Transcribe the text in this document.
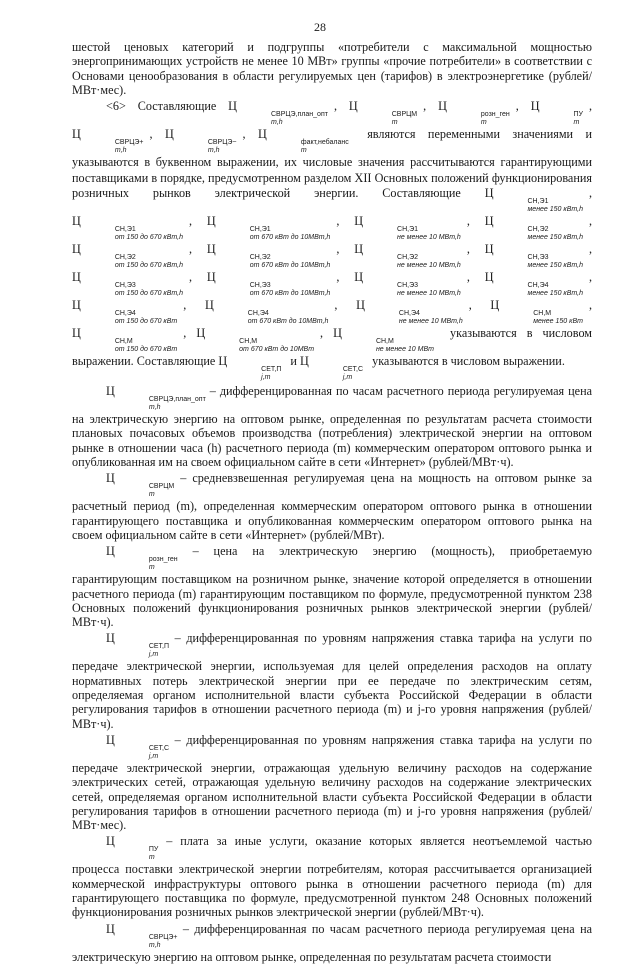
28

шестой ценовых категорий и подгруппы «потребители с максимальной мощностью энергопринимающих устройств не менее 10 МВт» группы «прочие потребители» в соответствии с Основами ценообразования в области регулируемых цен (тарифов) в электроэнергетике (рублей/МВт·мес).

<6> Составляющие Ц
СВРЦЭ,план_опт
m,h
, Ц
СВРЦМ
m
, Ц
розн_ген
m
, Ц
ПУ
m
, Ц
СВРЦЭ+
m,h
, Ц
СВРЦЭ−
m,h
, Ц
факт,небаланс
m
являются переменными значениями и указываются в буквенном выражении, их числовые значения рассчитываются гарантирующими поставщиками в порядке, предусмотренном разделом XII Основных положений функционирования розничных рынков электрической энергии. Составляющие Ц
СН,Э1
менее 150 кВт,h
, Ц
СН,Э1
от 150 до 670 кВт,h
, Ц
СН,Э1
от 670 кВт до 10МВт,h
, Ц
СН,Э1
не менее 10 МВт,h
, Ц
СН,Э2
менее 150 кВт,h
, Ц
СН,Э2
от 150 до 670 кВт,h
, Ц
СН,Э2
от 670 кВт до 10МВт,h
, Ц
СН,Э2
не менее 10 МВт,h
, Ц
СН,Э3
менее 150 кВт,h
, Ц
СН,Э3
от 150 до 670 кВт,h
, Ц
СН,Э3
от 670 кВт до 10МВт,h
, Ц
СН,Э3
не менее 10 МВт,h
, Ц
СН,Э4
менее 150 кВт,h
, Ц
СН,Э4
от 150 до 670 кВт
, Ц
СН,Э4
от 670 кВт до 10МВт,h
, Ц
СН,Э4
не менее 10 МВт,h
, Ц
СН,М
менее 150 кВт
, Ц
СН,М
от 150 до 670 кВт
, Ц
СН,М
от 670 кВт до 10МВт
, Ц
СН,М
не менее 10 МВт
указываются в числовом выражении. Составляющие Ц
СЕТ,П
j,m
и Ц
СЕТ,С
j,m
указываются в числовом выражении.

Ц
СВРЦЭ,план_опт
m,h
– дифференцированная по часам расчетного периода регулируемая цена на электрическую энергию на оптовом рынке, определенная по результатам расчета стоимости плановых почасовых объемов производства (потребления) электрической энергии на оптовом рынке в отношении часа (h) расчетного периода (m) коммерческим оператором оптового рынка и опубликованная им на своем официальном сайте в сети «Интернет» (рублей/МВт·ч).

Ц
СВРЦМ
m
– средневзвешенная регулируемая цена на мощность на оптовом рынке за расчетный период (m), определенная коммерческим оператором оптового рынка в отношении гарантирующего поставщика и опубликованная коммерческим оператором оптового рынка на своем официальном сайте в сети «Интернет» (рублей/МВт).

Ц
розн_ген
m
– цена на электрическую энергию (мощность), приобретаемую гарантирующим поставщиком на розничном рынке, значение которой определяется в отношении расчетного периода (m) гарантирующим поставщиком по формуле, предусмотренной пунктом 238 Основных положений функционирования розничных рынков электрической энергии (рублей/МВт·ч).

Ц
СЕТ,П
j,m
– дифференцированная по уровням напряжения ставка тарифа на услуги по передаче электрической энергии, используемая для целей определения расходов на оплату нормативных потерь электрической энергии при ее передаче по электрическим сетям, определяемая органом исполнительной власти субъекта Российской Федерации в области регулирования тарифов в отношении расчетного периода (m) и j-го уровня напряжения (рублей/МВт·ч).

Ц
СЕТ,С
j,m
– дифференцированная по уровням напряжения ставка тарифа на услуги по передаче электрической энергии, отражающая удельную величину расходов на содержание электрических сетей, отражающая удельную величину расходов на содержание электрических сетей, определяемая органом исполнительной власти субъекта Российской Федерации в области регулирования тарифов в отношении расчетного периода (m) и j-го уровня напряжения (рублей/МВт·мес).

Ц
ПУ
m
– плата за иные услуги, оказание которых является неотъемлемой частью процесса поставки электрической энергии потребителям, которая рассчитывается организацией коммерческой инфраструктуры оптового рынка в отношении расчетного периода (m) для гарантирующего поставщика по формуле, предусмотренной пунктом 248 Основных положений функционирования розничных рынков электрической энергии (рублей/МВт·ч).

Ц
СВРЦЭ+
m,h
– дифференцированная по часам расчетного периода регулируемая цена на электрическую энергию на оптовом рынке, определенная по результатам расчета стоимости
